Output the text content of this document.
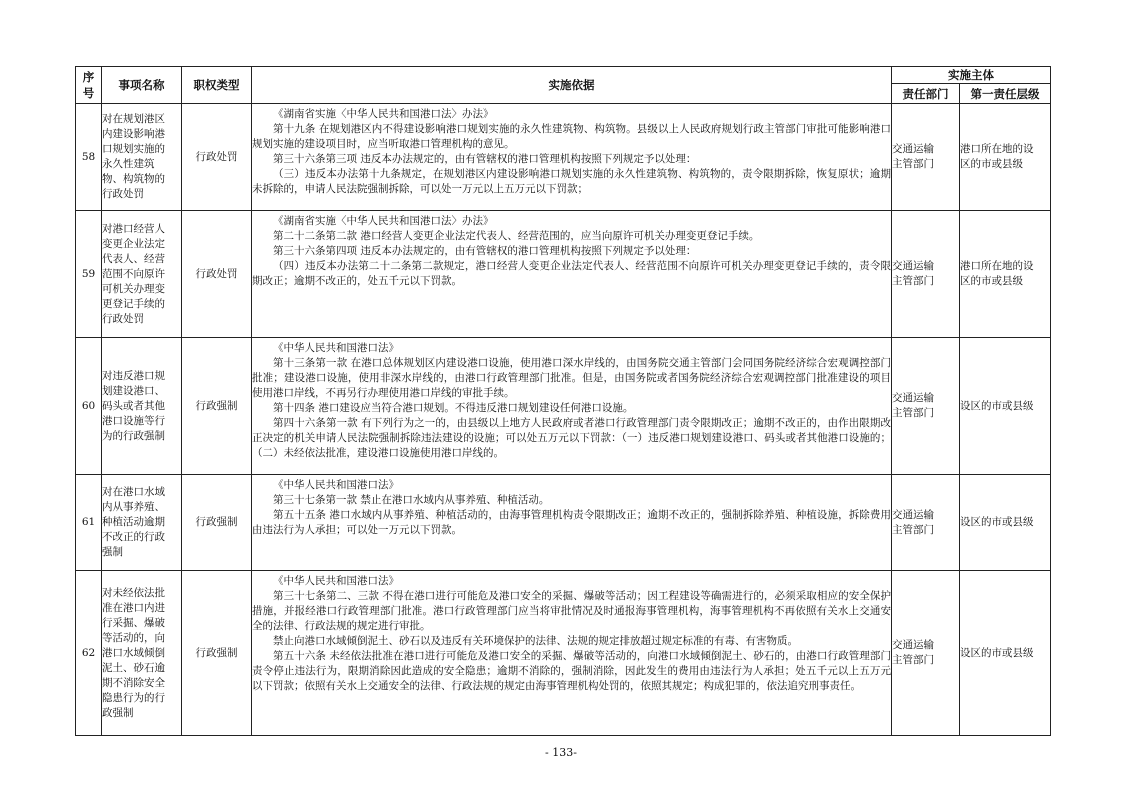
序号	事项名称	职权类型	实施依据	实施主体	
				责任部门	第一责任层级
58	对在规划港区内建设影响港口规划实施的永久性建筑物、构筑物的行政处罚	行政处罚	《湖南省实施〈中华人民共和国港口法〉办法》

第十九条 在规划港区内不得建设影响港口规划实施的永久性建筑物、构筑物。县级以上人民政府规划行政主管部门审批可能影响港口规划实施的建设项目时，应当听取港口管理机构的意见。

第三十六条第三项 违反本办法规定的，由有管辖权的港口管理机构按照下列规定予以处理：

（三）违反本办法第十九条规定，在规划港区内建设影响港口规划实施的永久性建筑物、构筑物的，责令限期拆除，恢复原状；逾期未拆除的，申请人民法院强制拆除，可以处一万元以上五万元以下罚款；	交通运输主管部门	港口所在地的设区的市或县级

59	对港口经营人变更企业法定代表人、经营范围不向原许可机关办理变更登记手续的行政处罚	行政处罚	《湖南省实施〈中华人民共和国港口法〉办法》

第二十二条第二款 港口经营人变更企业法定代表人、经营范围的，应当向原许可机关办理变更登记手续。

第三十六条第四项 违反本办法规定的，由有管辖权的港口管理机构按照下列规定予以处理：

（四）违反本办法第二十二条第二款规定，港口经营人变更企业法定代表人、经营范围不向原许可机关办理变更登记手续的，责令限期改正；逾期不改正的，处五千元以下罚款。	交通运输主管部门	港口所在地的设区的市或县级

60	对违反港口规划建设港口、码头或者其他港口设施等行为的行政强制	行政强制	《中华人民共和国港口法》

第十三条第一款 在港口总体规划区内建设港口设施，使用港口深水岸线的，由国务院交通主管部门会同国务院经济综合宏观调控部门批准；建设港口设施，使用非深水岸线的，由港口行政管理部门批准。但是，由国务院或者国务院经济综合宏观调控部门批准建设的项目使用港口岸线，不再另行办理使用港口岸线的审批手续。

第十四条 港口建设应当符合港口规划。不得违反港口规划建设任何港口设施。

第四十六条第一款 有下列行为之一的，由县级以上地方人民政府或者港口行政管理部门责令限期改正；逾期不改正的，由作出限期改正决定的机关申请人民法院强制拆除违法建设的设施；可以处五万元以下罚款：（一）违反港口规划建设港口、码头或者其他港口设施的；（二）未经依法批准，建设港口设施使用港口岸线的。	交通运输主管部门	设区的市或县级

61	对在港口水域内从事养殖、种植活动逾期不改正的行政强制	行政强制	《中华人民共和国港口法》

第三十七条第一款 禁止在港口水域内从事养殖、种植活动。

第五十五条 港口水域内从事养殖、种植活动的，由海事管理机构责令限期改正；逾期不改正的，强制拆除养殖、种植设施，拆除费用由违法行为人承担；可以处一万元以下罚款。	交通运输主管部门	设区的市或县级

62	对未经依法批准在港口内进行采掘、爆破等活动的，向港口水域倾倒泥土、砂石逾期不消除安全隐患行为的行政强制	行政强制	《中华人民共和国港口法》

第三十七条第二、三款 不得在港口进行可能危及港口安全的采掘、爆破等活动；因工程建设等确需进行的，必须采取相应的安全保护措施，并报经港口行政管理部门批准。港口行政管理部门应当将审批情况及时通报海事管理机构，海事管理机构不再依照有关水上交通安全的法律、行政法规的规定进行审批。

禁止向港口水域倾倒泥土、砂石以及违反有关环境保护的法律、法规的规定排放超过规定标准的有毒、有害物质。

第五十六条 未经依法批准在港口进行可能危及港口安全的采掘、爆破等活动的，向港口水域倾倒泥土、砂石的，由港口行政管理部门责令停止违法行为，限期消除因此造成的安全隐患；逾期不消除的，强制消除，因此发生的费用由违法行为人承担；处五千元以上五万元以下罚款；依照有关水上交通安全的法律、行政法规的规定由海事管理机构处罚的，依照其规定；构成犯罪的，依法追究刑事责任。	交通运输主管部门	设区的市或县级
- 133-
